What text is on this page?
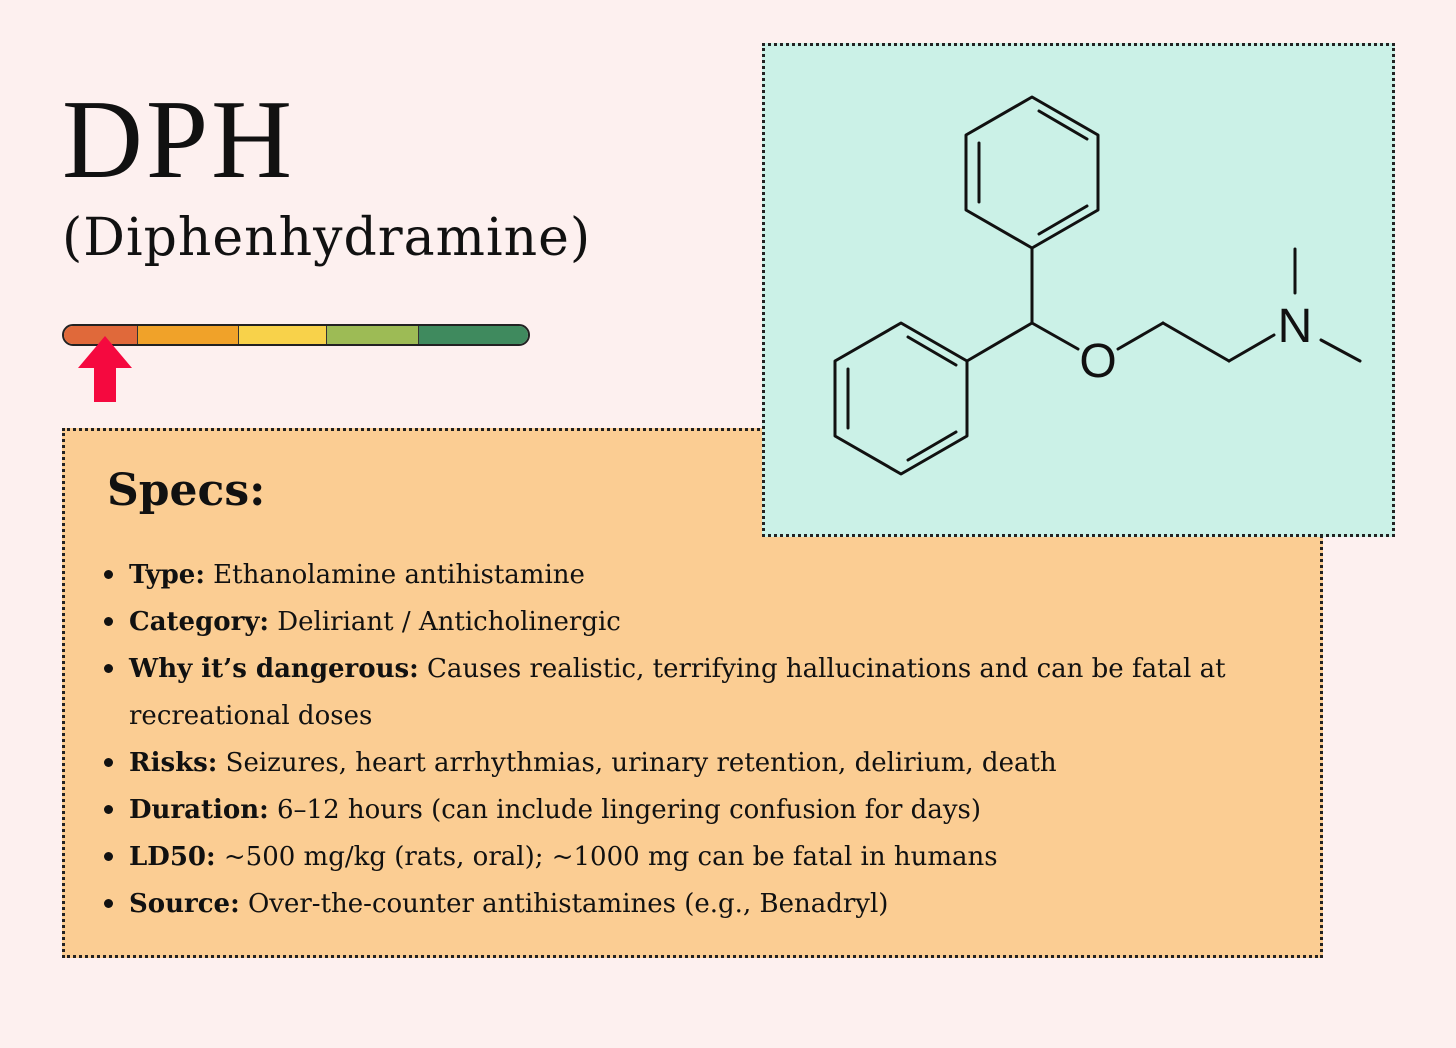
DPH
(Diphenhydramine)
Specs:
Type: Ethanolamine antihistamine
Category: Deliriant / Anticholinergic
Why it’s dangerous: Causes realistic, terrifying hallucinations and can be fatal at recreational doses
Risks: Seizures, heart arrhythmias, urinary retention, delirium, death
Duration: 6–12 hours (can include lingering confusion for days)
LD50: ~500 mg/kg (rats, oral); ~1000 mg can be fatal in humans
Source: Over-the-counter antihistamines (e.g., Benadryl)
O
N
